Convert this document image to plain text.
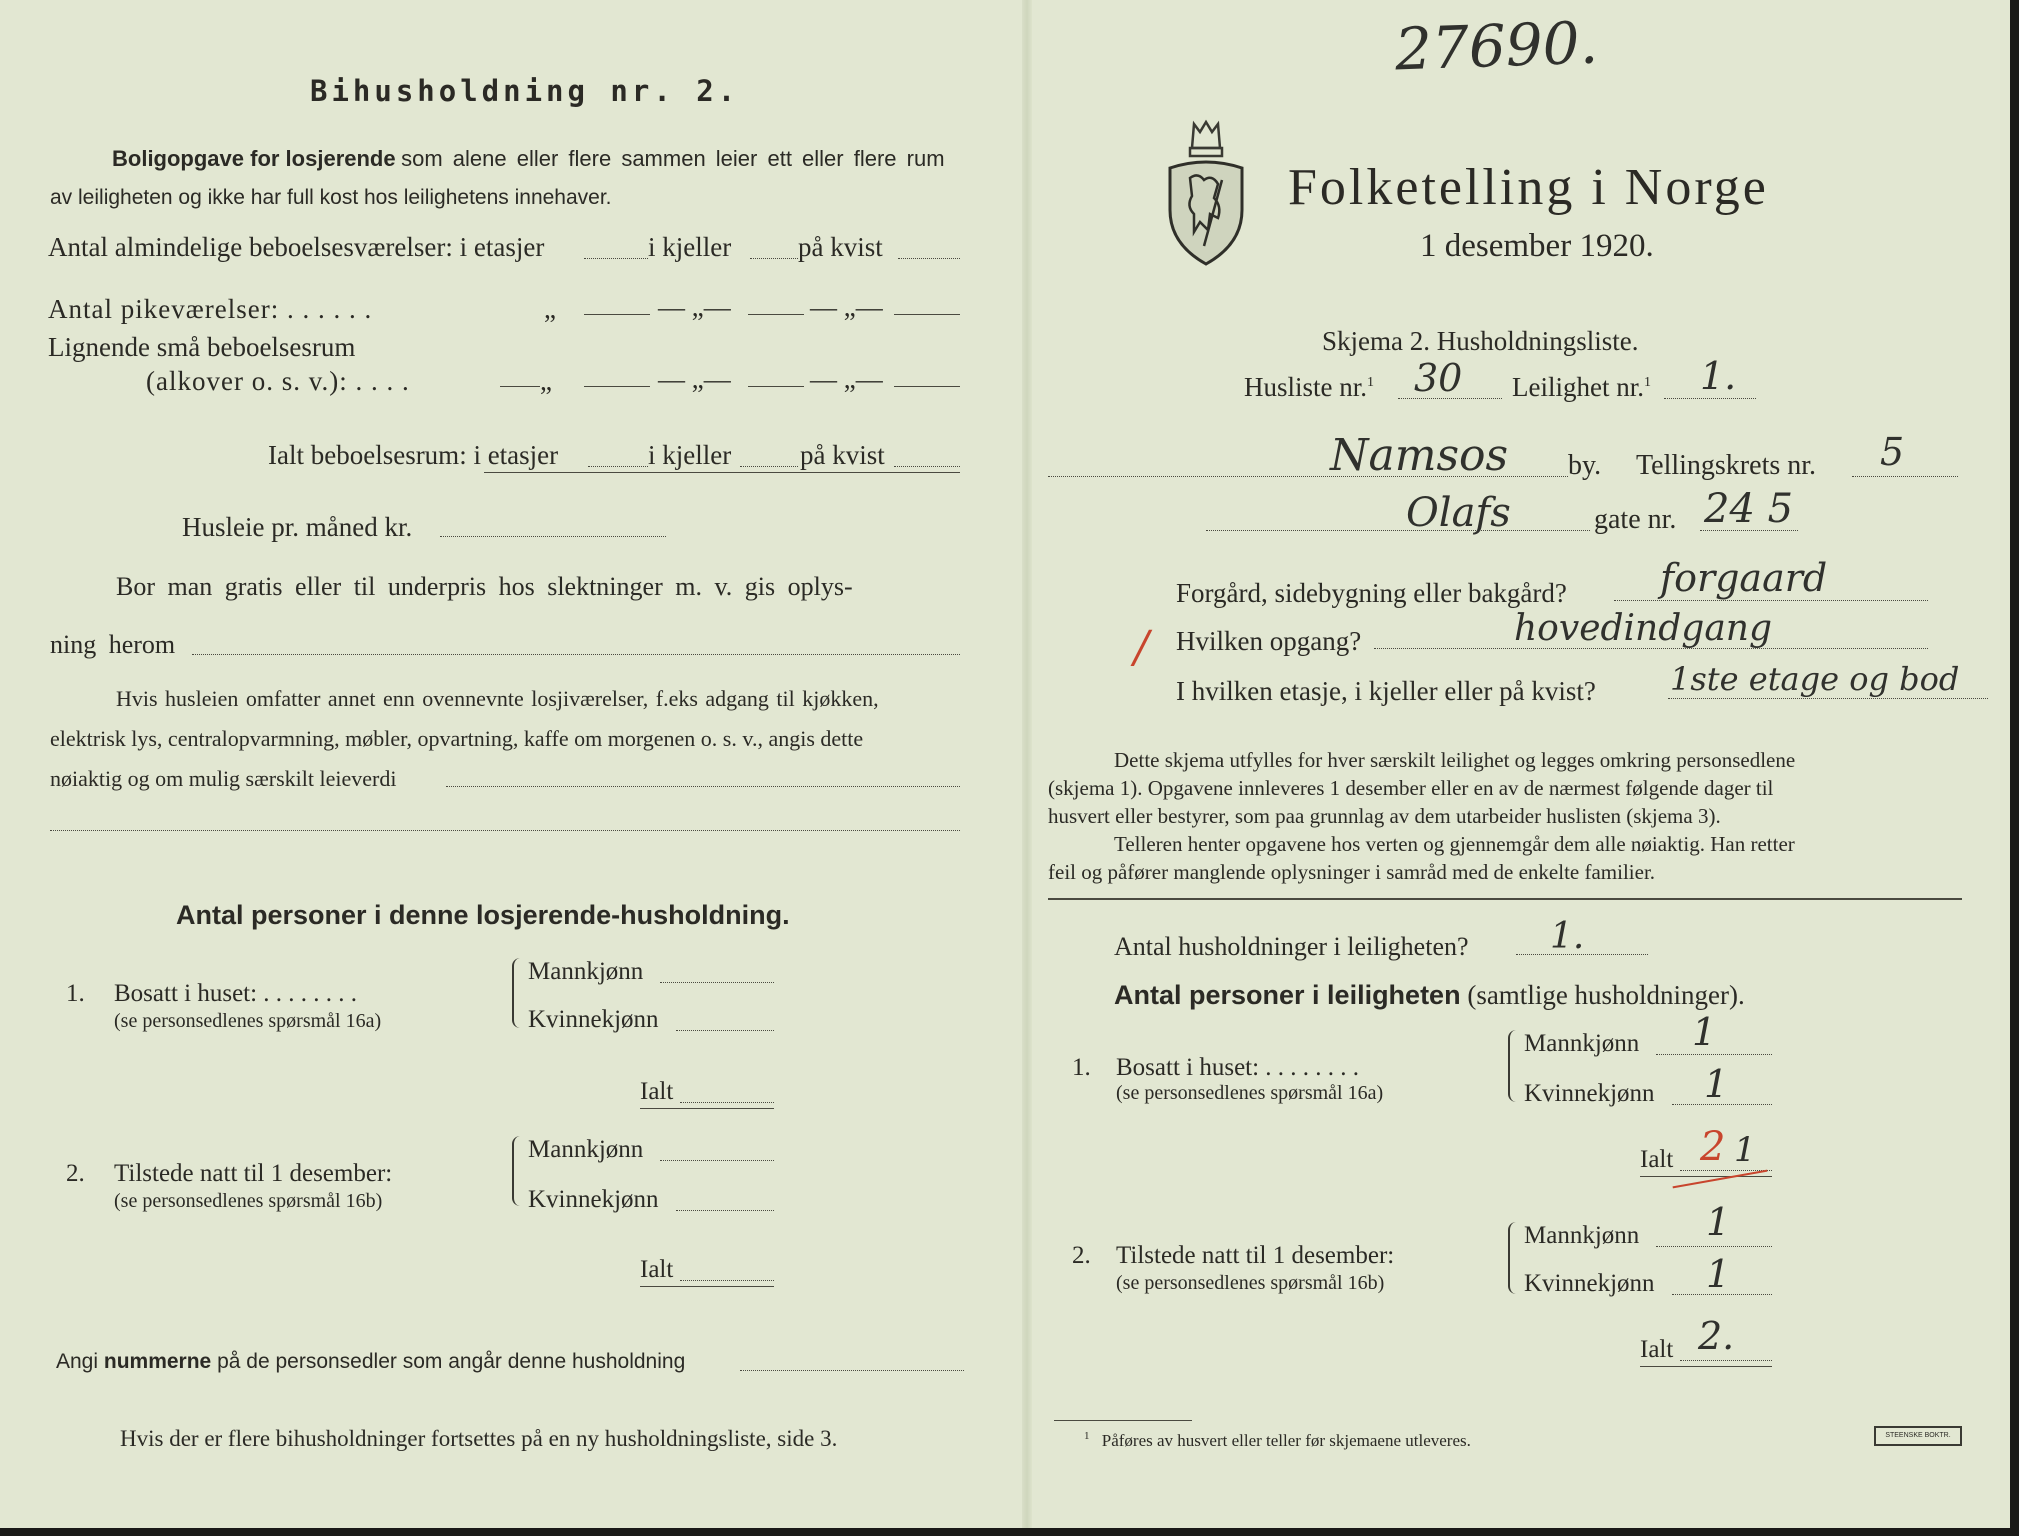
27690.
Bihusholdning nr. 2.
Boligopgave for losjerende som alene eller flere sammen leier ett eller flere rum
av leiligheten og ikke har full kost hos leilighetens innehaver.
Antal almindelige beboelsesværelser: i etasjer	i kjeller på kvist
Antal pikeværelser: . . . . . .	„	— „—	— „—
Lignende små beboelsesrum
(alkover o. s. v.): . . . .	„	— „—	— „—
Ialt beboelsesrum: i etasjer	i kjeller	på kvist
Husleie pr. måned kr.
Bor man gratis eller til underpris hos slektninger m. v. gis oplys-
ning herom
Hvis husleien omfatter annet enn ovennevnte losjiværelser, f.eks adgang til kjøkken,
elektrisk lys, centralopvarmning, møbler, opvartning, kaffe om morgenen o. s. v., angis dette
nøiaktig og om mulig særskilt leieverdi
Antal personer i denne losjerende-husholdning.
1. Bosatt i huset: . . . . . . . .
(se personsedlenes spørsmål 16a)
Mannkjønn
Kvinnekjønn
Ialt
2. Tilstede natt til 1 desember:
(se personsedlenes spørsmål 16b)
Mannkjønn
Kvinnekjønn
Ialt
Angi nummerne på de personsedler som angår denne husholdning
Hvis der er flere bihusholdninger fortsettes på en ny husholdningsliste, side 3.
Folketelling i Norge
1 desember 1920.
Skjema 2. Husholdningsliste.
Husliste nr.$^1$ 30 Leilighet nr.$^1$ 1.
Namsos by. Tellingskrets nr. 5
Olafs	gate nr. 24 5
Forgård, sidebygning eller bakgård? forgaard
/ Hvilken opgang?	hovedindgang
I hvilken etasje, i kjeller eller på kvist? 1ste etage og bod
Dette skjema utfylles for hver særskilt leilighet og legges omkring personsedlene
(skjema 1). Opgavene innleveres 1 desember eller en av de nærmest følgende dager til
husvert eller bestyrer, som paa grunnlag av dem utarbeider huslisten (skjema 3).
Telleren henter opgavene hos verten og gjennemgår dem alle nøiaktig. Han retter
feil og påfører manglende oplysninger i samråd med de enkelte familier.
Antal husholdninger i leiligheten? 1.
Antal personer i leiligheten (samtlige husholdninger).
1. Bosatt i huset: . . . . . . . .
(se personsedlenes spørsmål 16a)
Mannkjønn 1
Kvinnekjønn 1
Ialt 2 1
2. Tilstede natt til 1 desember:
(se personsedlenes spørsmål 16b)
Mannkjønn 1
Kvinnekjønn 1
Ialt 2.
$^1$ Påføres av husvert eller teller før skjemaene utleveres.	STEENSKE BOKTR.
